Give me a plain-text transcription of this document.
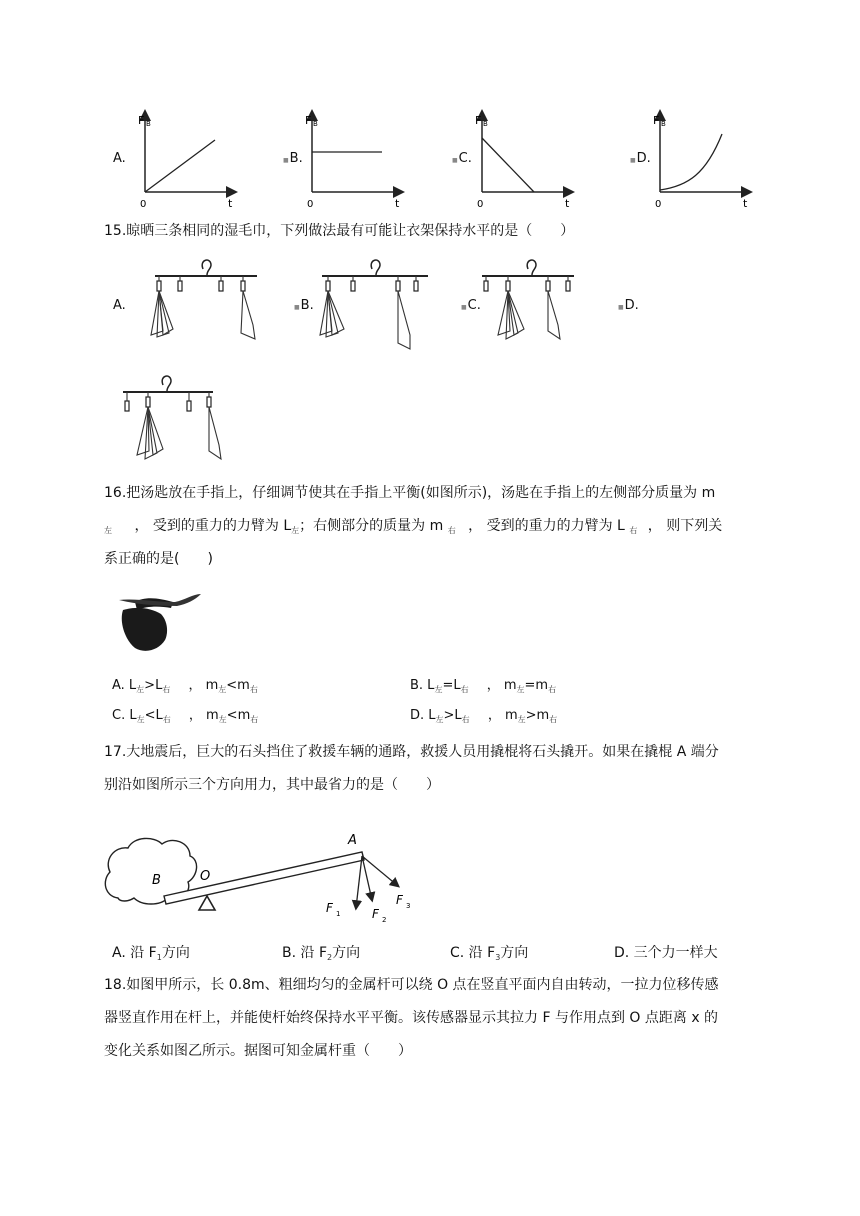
A.
F B
t
0
■B.
F B
t
0
■C.
F B
t
0
■D.
F B
t
0
15.晾晒三条相同的湿毛巾，下列做法最有可能让衣架保持水平的是（　　）
A.	■B.	■C.	■D.
16.把汤匙放在手指上，仔细调节使其在手指上平衡(如图所示)，汤匙在手指上的左侧部分质量为 m
$_左$ ， 受到的重力的力臂为 $L_左$；右侧部分的质量为 m $_右$ ， 受到的重力的力臂为 L $_右$ ， 则下列关
系正确的是(　　)
A. $L_左>L_右$ ， $m_左<m_右$	B. $L_左=L_右$ ， $m_左=m_右$
C. $L_左<L_右$ ， $m_左<m_右$	D. $L_左>L_右$ ， $m_左>m_右$
17.大地震后，巨大的石头挡住了救援车辆的通路，救援人员用撬棍将石头撬开。如果在撬棍 A 端分
别沿如图所示三个方向用力，其中最省力的是（　　）
A
B	O
F 1	F 2
F 3
A. 沿 $F_1$方向	B. 沿 $F_2$方向	C. 沿 $F_3$方向	D. 三个力一样大
18.如图甲所示，长 0.8m、粗细均匀的金属杆可以绕 O 点在竖直平面内自由转动，一拉力位移传感
器竖直作用在杆上，并能使杆始终保持水平平衡。该传感器显示其拉力 F 与作用点到 O 点距离 x 的
变化关系如图乙所示。据图可知金属杆重（　　）
